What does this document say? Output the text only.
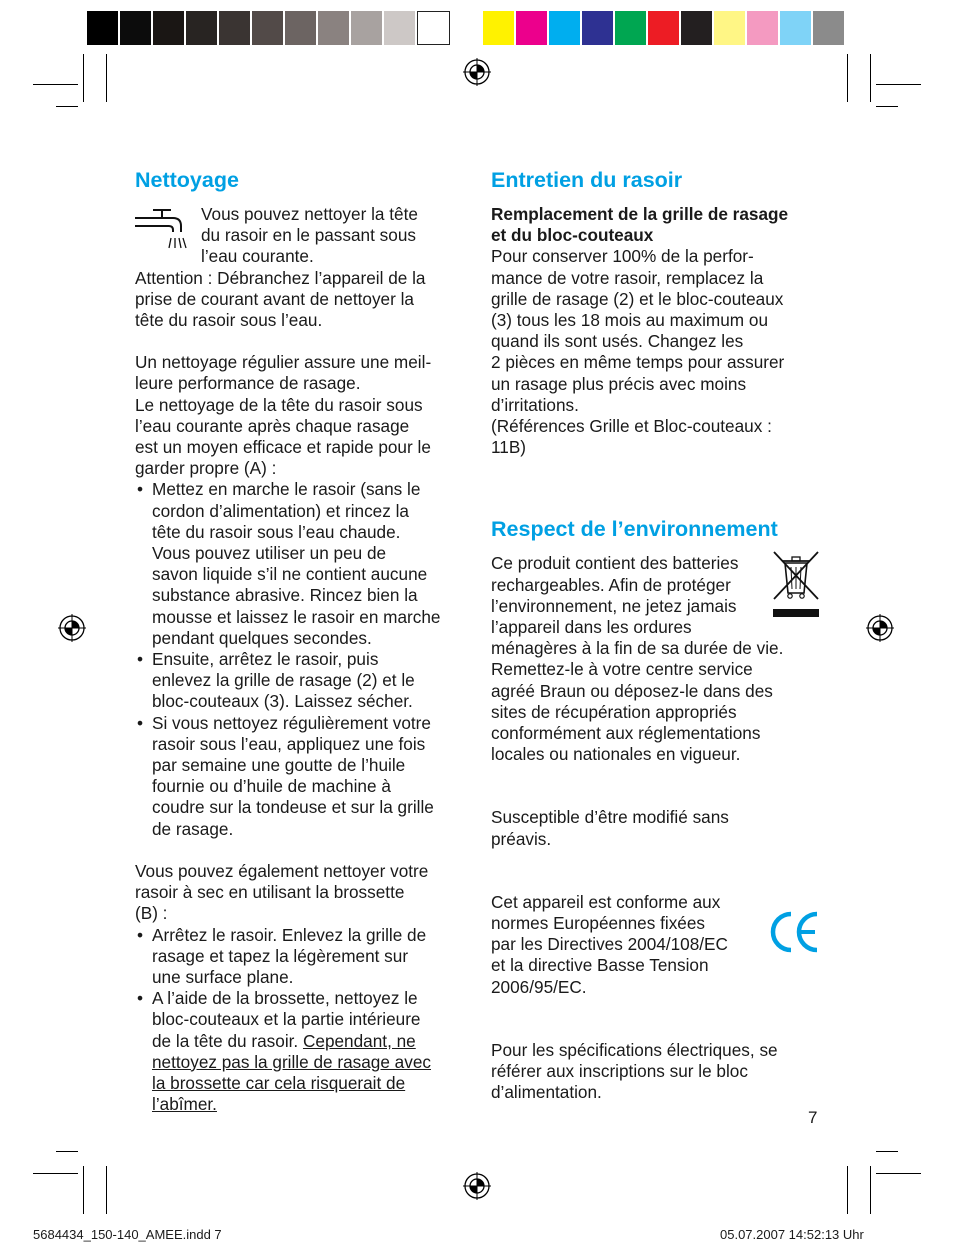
Nettoyage

Vous pouvez nettoyer la tête
du rasoir en le passant sous
l’eau courante.

Attention : Débranchez l’appareil de la
prise de courant avant de nettoyer la
tête du rasoir sous l’eau.

Un nettoyage régulier assure une meil-
leure performance de rasage.
Le nettoyage de la tête du rasoir sous
l’eau courante après chaque rasage
est un moyen efficace et rapide pour le
garder propre (A) :

• Mettez en marche le rasoir (sans le
cordon d’alimentation) et rincez la
tête du rasoir sous l’eau chaude.
Vous pouvez utiliser un peu de
savon liquide s’il ne contient aucune
substance abrasive. Rincez bien la
mousse et laissez le rasoir en marche
pendant quelques secondes.
• Ensuite, arrêtez le rasoir, puis
enlevez la grille de rasage (2) et le
bloc-couteaux (3). Laissez sécher.
• Si vous nettoyez régulièrement votre
rasoir sous l’eau, appliquez une fois
par semaine une goutte de l’huile
fournie ou d’huile de machine à
coudre sur la tondeuse et sur la grille
de rasage.

Vous pouvez également nettoyer votre
rasoir à sec en utilisant la brossette
(B) :

• Arrêtez le rasoir. Enlevez la grille de
rasage et tapez la légèrement sur
une surface plane.
• A l’aide de la brossette, nettoyez le
bloc-couteaux et la partie intérieure
de la tête du rasoir. Cependant, ne
nettoyez pas la grille de rasage avec
la brossette car cela risquerait de
l’abîmer.
Entretien du rasoir

Remplacement de la grille de rasage
et du bloc-couteaux

Pour conserver 100% de la perfor-
mance de votre rasoir, remplacez la
grille de rasage (2) et le bloc-couteaux
(3) tous les 18 mois au maximum ou
quand ils sont usés. Changez les
2 pièces en même temps pour assurer
un rasage plus précis avec moins
d’irritations.
(Références Grille et Bloc-couteaux :
11B)

Respect de l’environnement

Ce produit contient des batteries
rechargeables. Afin de protéger
l’environnement, ne jetez jamais
l’appareil dans les ordures
ménagères à la fin de sa durée de vie.
Remettez-le à votre centre service
agréé Braun ou déposez-le dans des
sites de récupération appropriés
conformément aux réglementations
locales ou nationales en vigueur.

Susceptible d’être modifié sans
préavis.

Cet appareil est conforme aux
normes Européennes fixées
par les Directives 2004/108/EC
et la directive Basse Tension
2006/95/EC.

Pour les spécifications électriques, se
référer aux inscriptions sur le bloc
d’alimentation.

7
5684434_150-140_AMEE.indd 7	05.07.2007 14:52:13 Uhr
